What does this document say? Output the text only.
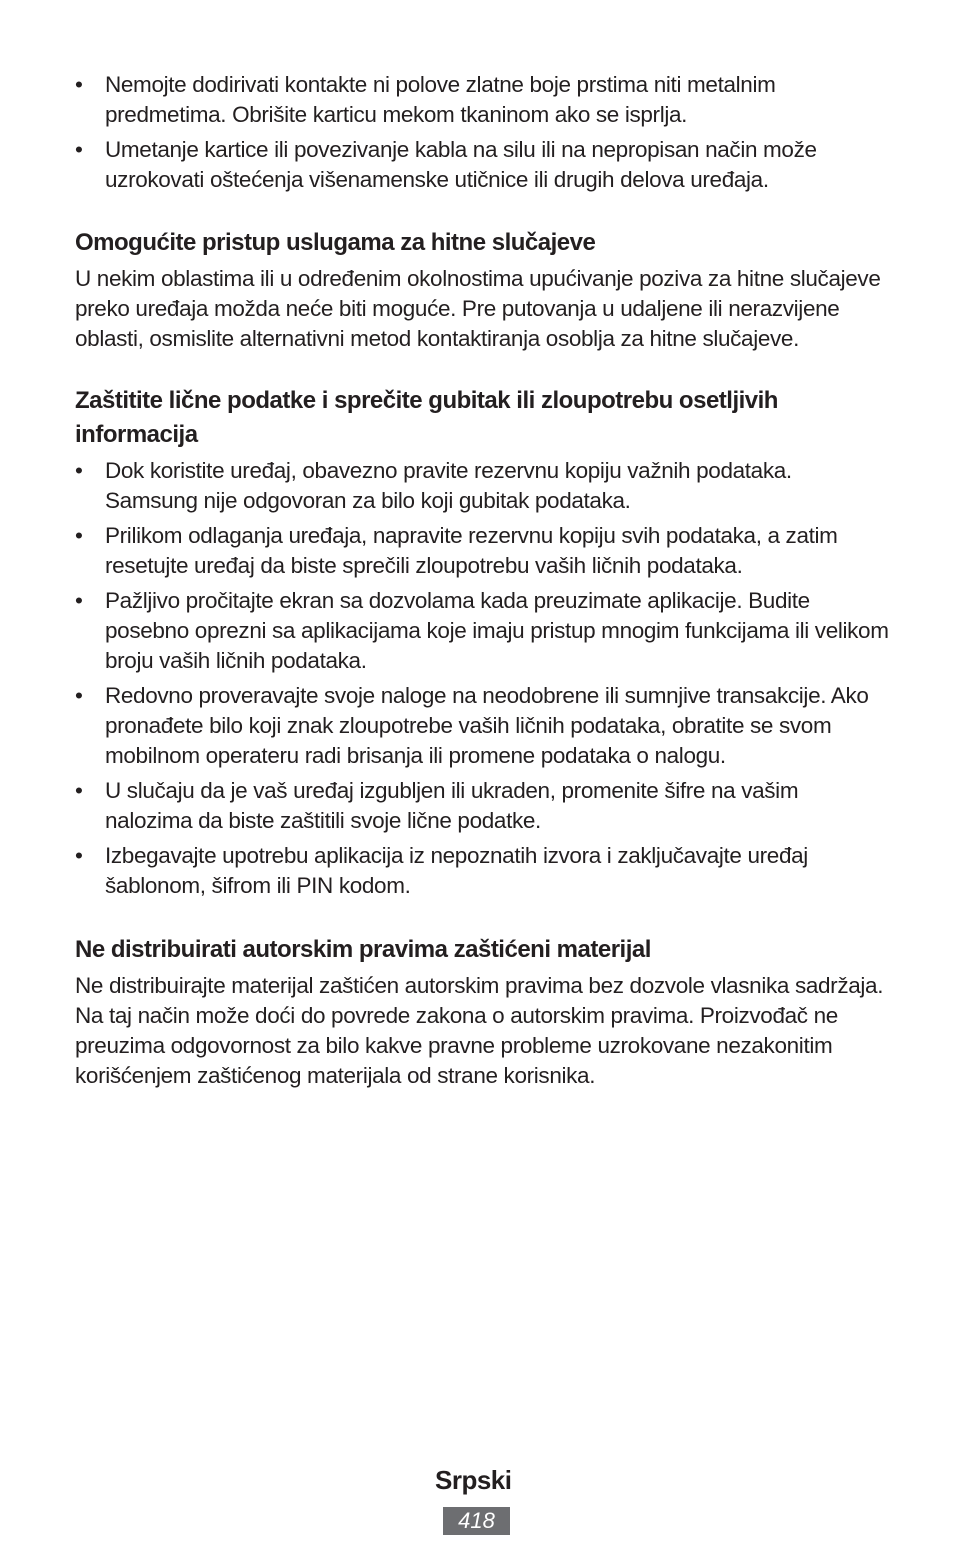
• Nemojte dodirivati kontakte ni polove zlatne boje prstima niti metalnim predmetima. Obrišite karticu mekom tkaninom ako se isprlja.
• Umetanje kartice ili povezivanje kabla na silu ili na nepropisan način može uzrokovati oštećenja višenamenske utičnice ili drugih delova uređaja.
Omogućite pristup uslugama za hitne slučajeve

U nekim oblastima ili u određenim okolnostima upućivanje poziva za hitne slučajeve preko uređaja možda neće biti moguće. Pre putovanja u udaljene ili nerazvijene oblasti, osmislite alternativni metod kontaktiranja osoblja za hitne slučajeve.

Zaštitite lične podatke i sprečite gubitak ili zloupotrebu osetljivih informacija
• Dok koristite uređaj, obavezno pravite rezervnu kopiju važnih podataka. Samsung nije odgovoran za bilo koji gubitak podataka.
• Prilikom odlaganja uređaja, napravite rezervnu kopiju svih podataka, a zatim resetujte uređaj da biste sprečili zloupotrebu vaših ličnih podataka.
• Pažljivo pročitajte ekran sa dozvolama kada preuzimate aplikacije. Budite posebno oprezni sa aplikacijama koje imaju pristup mnogim funkcijama ili velikom broju vaših ličnih podataka.
• Redovno proveravajte svoje naloge na neodobrene ili sumnjive transakcije. Ako pronađete bilo koji znak zloupotrebe vaših ličnih podataka, obratite se svom mobilnom operateru radi brisanja ili promene podataka o nalogu.
• U slučaju da je vaš uređaj izgubljen ili ukraden, promenite šifre na vašim nalozima da biste zaštitili svoje lične podatke.
• Izbegavajte upotrebu aplikacija iz nepoznatih izvora i zaključavajte uređaj šablonom, šifrom ili PIN kodom.
Ne distribuirati autorskim pravima zaštićeni materijal

Ne distribuirajte materijal zaštićen autorskim pravima bez dozvole vlasnika sadržaja. Na taj način može doći do povrede zakona o autorskim pravima. Proizvođač ne preuzima odgovornost za bilo kakve pravne probleme uzrokovane nezakonitim korišćenjem zaštićenog materijala od strane korisnika.

Srpski
418
